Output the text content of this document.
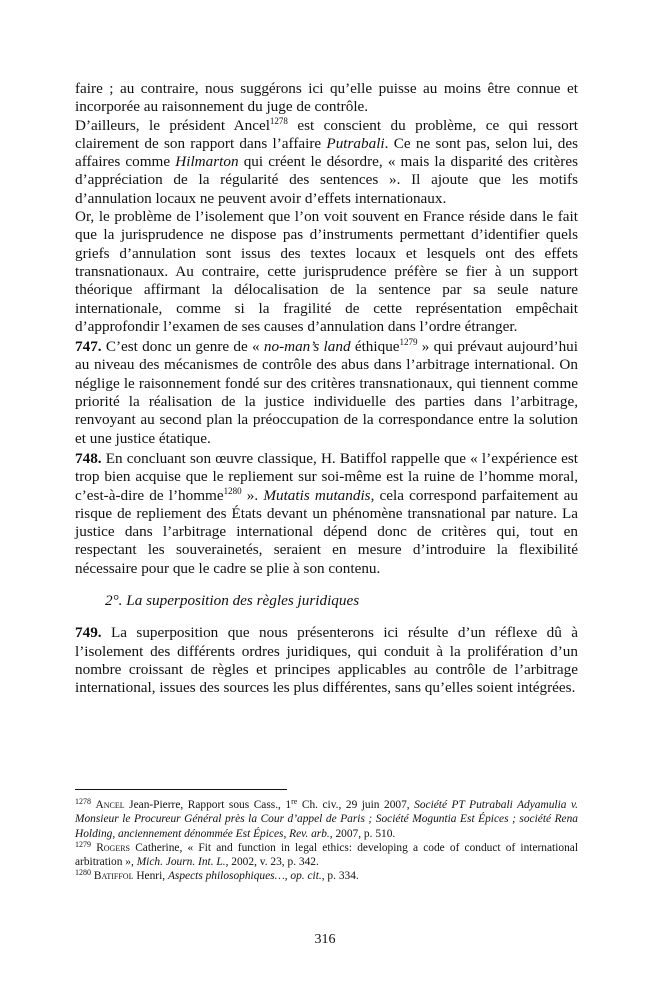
faire ; au contraire, nous suggérons ici qu’elle puisse au moins être connue et incorporée au raisonnement du juge de contrôle.

D’ailleurs, le président Ancel$^{1278}$ est conscient du problème, ce qui ressort clairement de son rapport dans l’affaire Putrabali. Ce ne sont pas, selon lui, des affaires comme Hilmarton qui créent le désordre, « mais la disparité des critères d’appréciation de la régularité des sentences ». Il ajoute que les motifs d’annulation locaux ne peuvent avoir d’effets internationaux.

Or, le problème de l’isolement que l’on voit souvent en France réside dans le fait que la jurisprudence ne dispose pas d’instruments permettant d’identifier quels griefs d’annulation sont issus des textes locaux et lesquels ont des effets transnationaux. Au contraire, cette jurisprudence préfère se fier à un support théorique affirmant la délocalisation de la sentence par sa seule nature internationale, comme si la fragilité de cette représentation empêchait d’approfondir l’examen de ses causes d’annulation dans l’ordre étranger.

747. C’est donc un genre de « no-man’s land éthique$^{1279}$ » qui prévaut aujourd’hui au niveau des mécanismes de contrôle des abus dans l’arbitrage international. On néglige le raisonnement fondé sur des critères transnationaux, qui tiennent comme priorité la réalisation de la justice individuelle des parties dans l’arbitrage, renvoyant au second plan la préoccupation de la correspondance entre la solution et une justice étatique.

748. En concluant son œuvre classique, H. Batiffol rappelle que « l’expérience est trop bien acquise que le repliement sur soi-même est la ruine de l’homme moral, c’est-à-dire de l’homme$^{1280}$ ». Mutatis mutandis, cela correspond parfaitement au risque de repliement des États devant un phénomène transnational par nature. La justice dans l’arbitrage international dépend donc de critères qui, tout en respectant les souverainetés, seraient en mesure d’introduire la flexibilité nécessaire pour que le cadre se plie à son contenu.

2°. La superposition des règles juridiques

749. La superposition que nous présenterons ici résulte d’un réflexe dû à l’isolement des différents ordres juridiques, qui conduit à la prolifération d’un nombre croissant de règles et principes applicables au contrôle de l’arbitrage international, issues des sources les plus différentes, sans qu’elles soient intégrées.

$^{1278}$ Ancel Jean-Pierre, Rapport sous Cass., 1re Ch. civ., 29 juin 2007, Société PT Putrabali Adyamulia v. Monsieur le Procureur Général près la Cour d’appel de Paris ; Société Moguntia Est Épices ; société Rena Holding, anciennement dénommée Est Épices, Rev. arb., 2007, p. 510.

$^{1279}$ Rogers Catherine, « Fit and function in legal ethics: developing a code of conduct of international arbitration », Mich. Journ. Int. L., 2002, v. 23, p. 342.

$^{1280}$ Batiffol Henri, Aspects philosophiques…, op. cit., p. 334.

316
